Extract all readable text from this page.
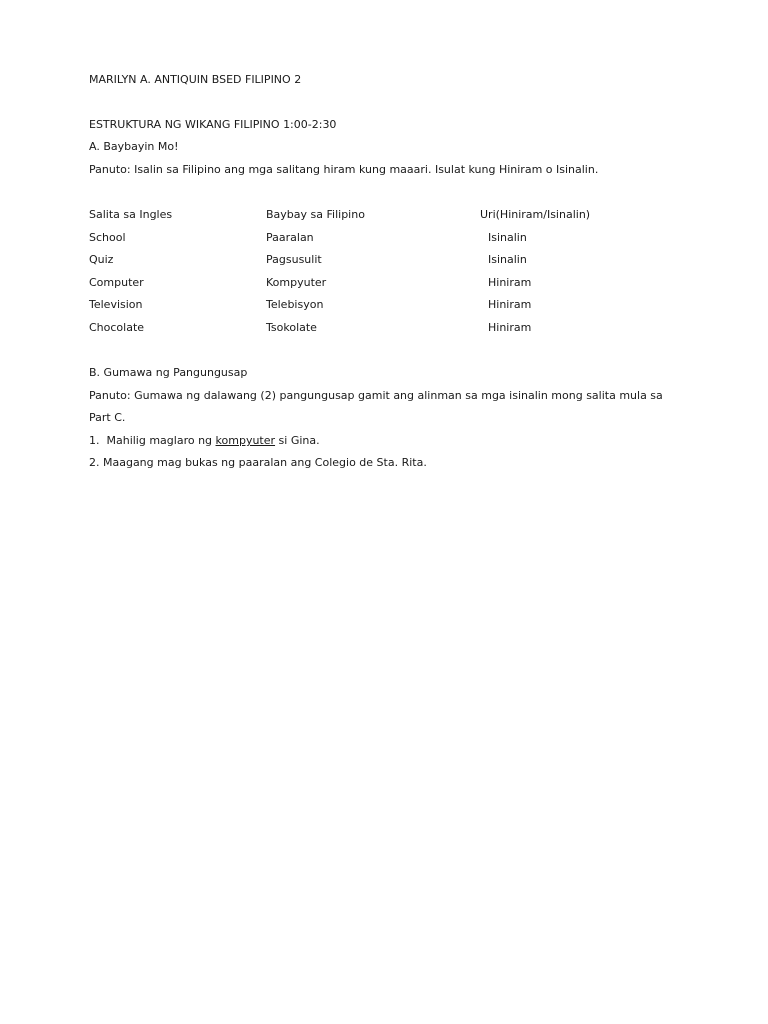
MARILYN A. ANTIQUIN BSED FILIPINO 2
ESTRUKTURA NG WIKANG FILIPINO 1:00-2:30
A. Baybayin Mo!
Panuto: Isalin sa Filipino ang mga salitang hiram kung maaari. Isulat kung Hiniram o Isinalin.
Salita sa Ingles	Baybay sa Filipino	Uri(Hiniram/Isinalin)
School	Paaralan	Isinalin
Quiz	Pagsusulit	Isinalin
Computer	Kompyuter	Hiniram
Television	Telebisyon	Hiniram
Chocolate	Tsokolate	Hiniram
B. Gumawa ng Pangungusap
Panuto: Gumawa ng dalawang (2) pangungusap gamit ang alinman sa mga isinalin mong salita mula sa
Part C.
1.  Mahilig maglaro ng kompyuter si Gina.
2. Maagang mag bukas ng paaralan ang Colegio de Sta. Rita.
